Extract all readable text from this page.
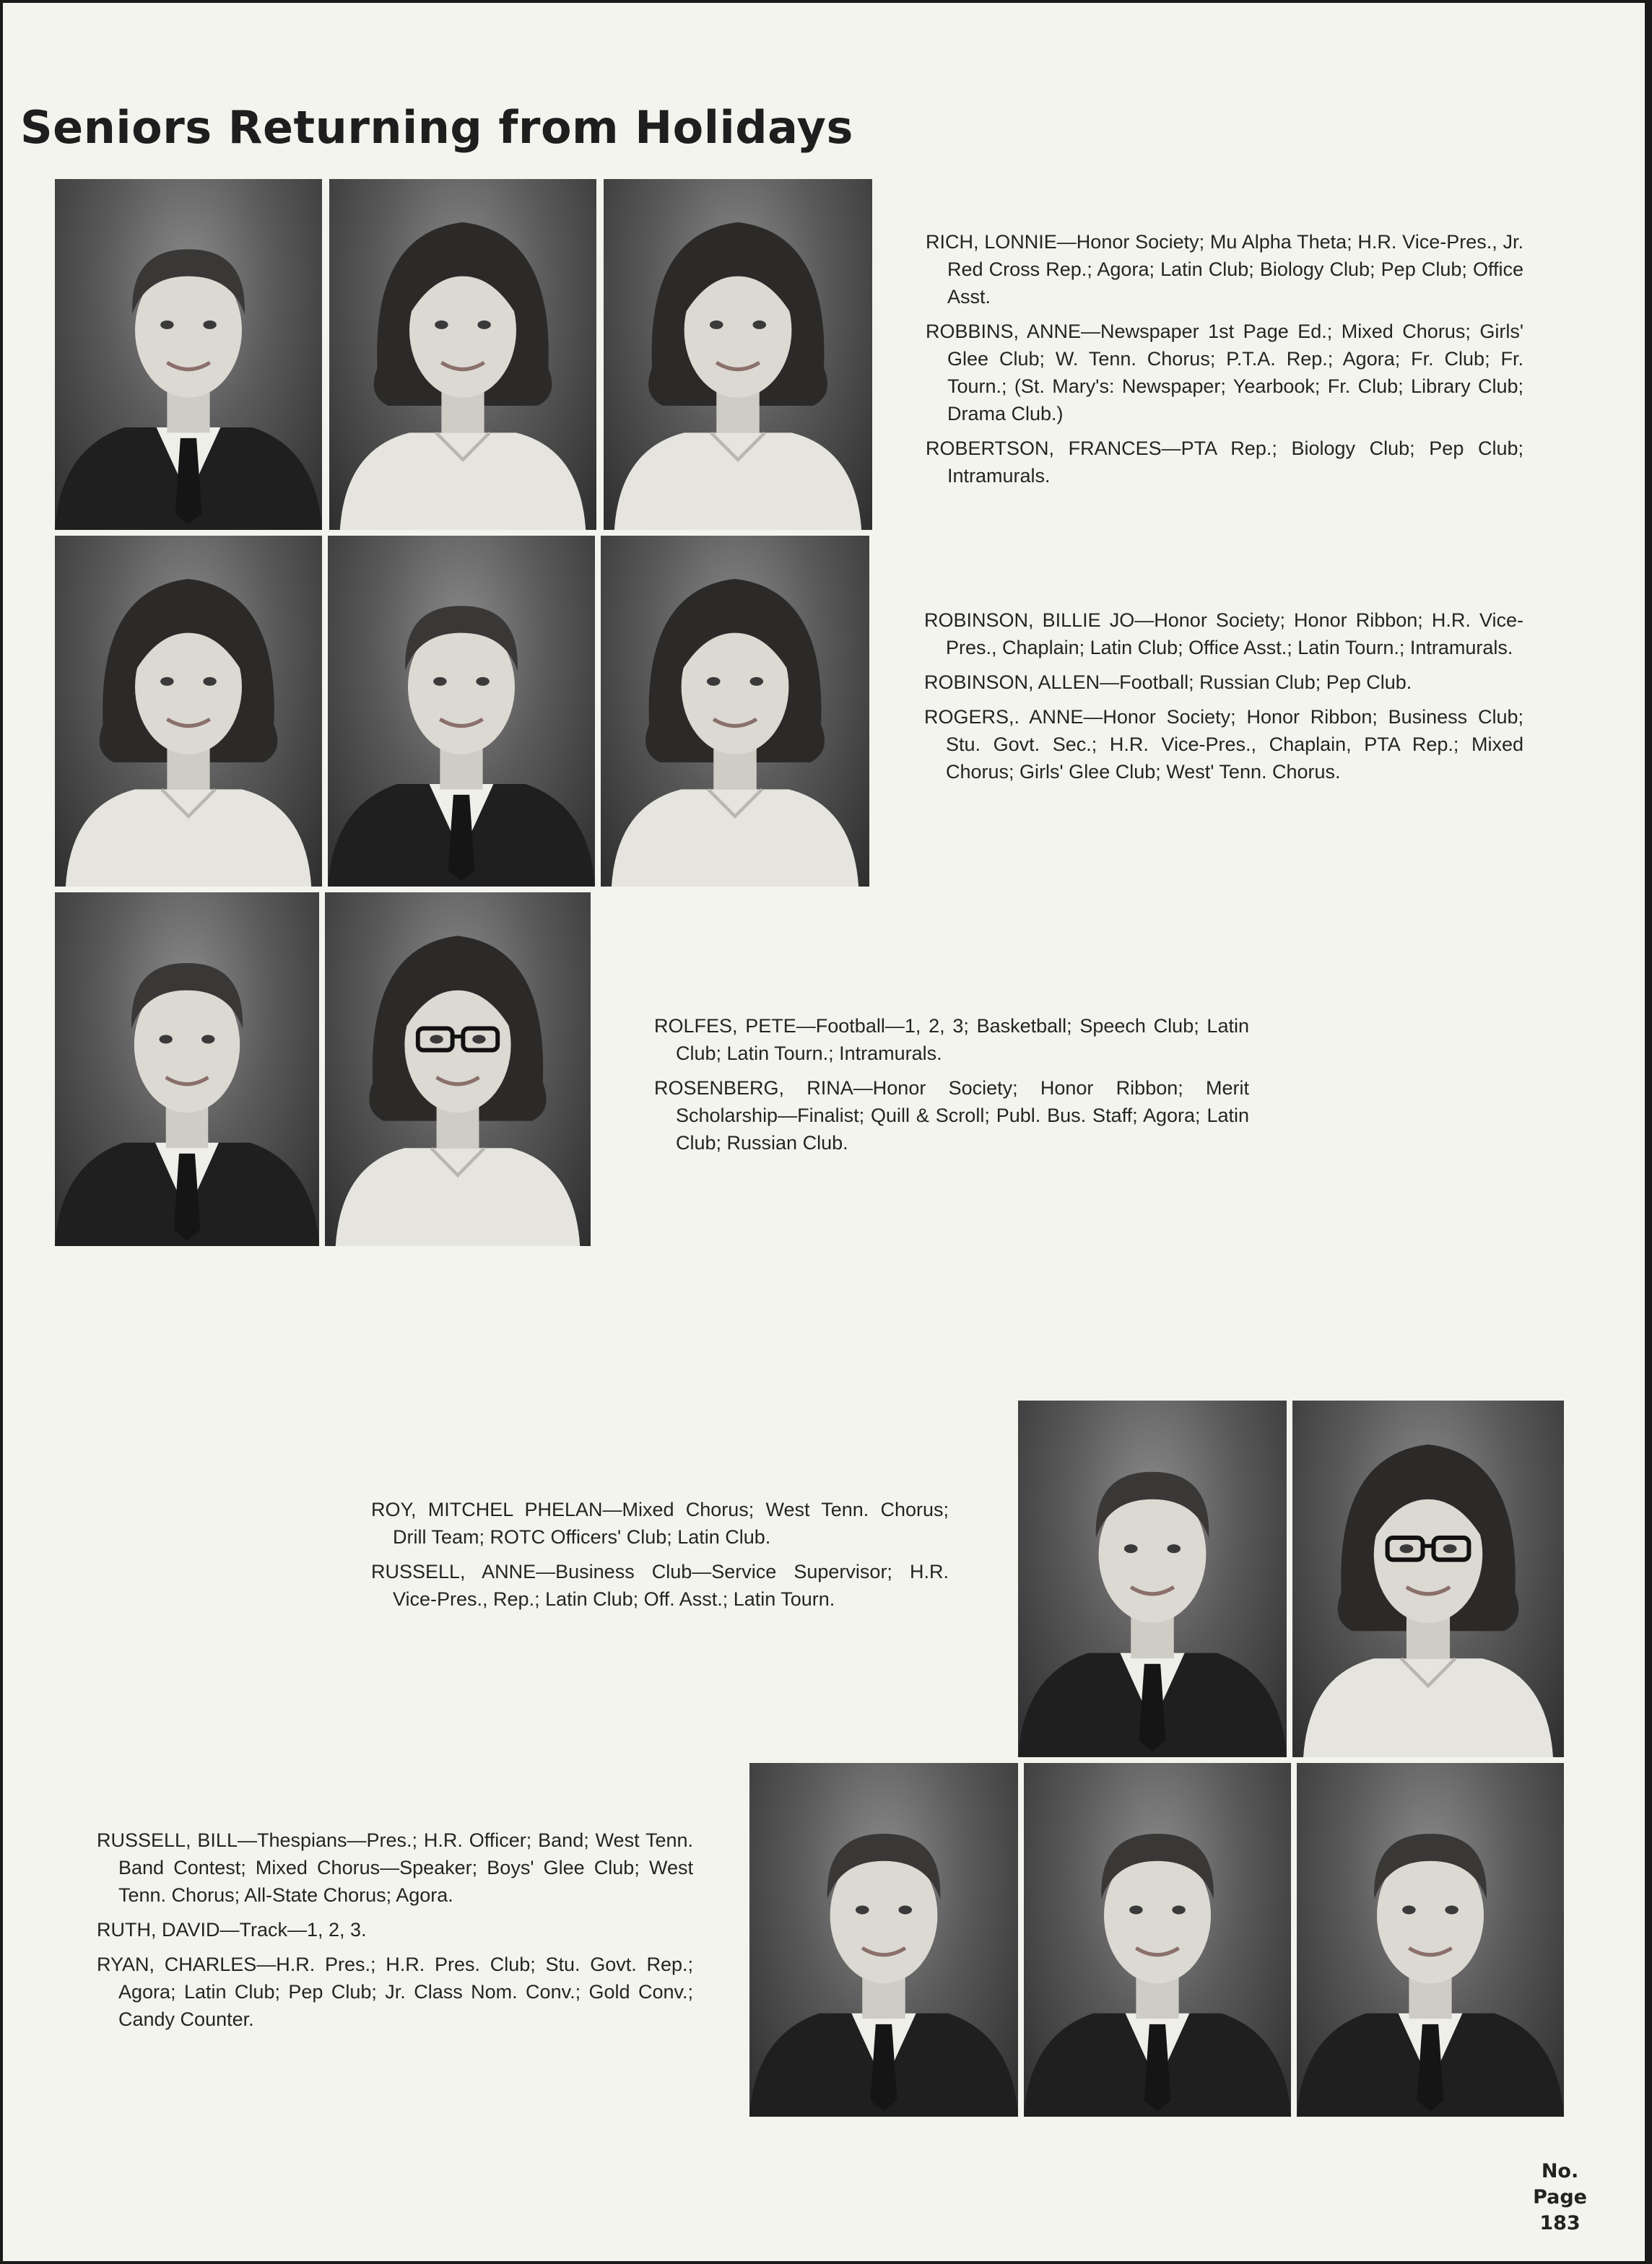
Seniors Returning from Holidays

RICH, LONNIE—Honor Society; Mu Alpha Theta; H.R. Vice-Pres., Jr. Red Cross Rep.; Agora; Latin Club; Biology Club; Pep Club; Office Asst.

ROBBINS, ANNE—Newspaper 1st Page Ed.; Mixed Chorus; Girls' Glee Club; W. Tenn. Chorus; P.T.A. Rep.; Agora; Fr. Club; Fr. Tourn.; (St. Mary's: Newspaper; Yearbook; Fr. Club; Library Club; Drama Club.)

ROBERTSON, FRANCES—PTA Rep.; Biology Club; Pep Club; Intramurals.

ROBINSON, BILLIE JO—Honor Society; Honor Ribbon; H.R. Vice-Pres., Chaplain; Latin Club; Office Asst.; Latin Tourn.; Intramurals.

ROBINSON, ALLEN—Football; Russian Club; Pep Club.

ROGERS,. ANNE—Honor Society; Honor Ribbon; Business Club; Stu. Govt. Sec.; H.R. Vice-Pres., Chaplain, PTA Rep.; Mixed Chorus; Girls' Glee Club; West' Tenn. Chorus.

ROLFES, PETE—Football—1, 2, 3; Basketball; Speech Club; Latin Club; Latin Tourn.; Intramurals.

ROSENBERG, RINA—Honor Society; Honor Ribbon; Merit Scholarship—Finalist; Quill & Scroll; Publ. Bus. Staff; Agora; Latin Club; Russian Club.

ROY, MITCHEL PHELAN—Mixed Chorus; West Tenn. Chorus; Drill Team; ROTC Officers' Club; Latin Club.

RUSSELL, ANNE—Business Club—Service Supervisor; H.R. Vice-Pres., Rep.; Latin Club; Off. Asst.; Latin Tourn.

RUSSELL, BILL—Thespians—Pres.; H.R. Officer; Band; West Tenn. Band Contest; Mixed Chorus—Speaker; Boys' Glee Club; West Tenn. Chorus; All-State Chorus; Agora.

RUTH, DAVID—Track—1, 2, 3.

RYAN, CHARLES—H.R. Pres.; H.R. Pres. Club; Stu. Govt. Rep.; Agora; Latin Club; Pep Club; Jr. Class Nom. Conv.; Gold Conv.; Candy Counter.

No.
Page
183
